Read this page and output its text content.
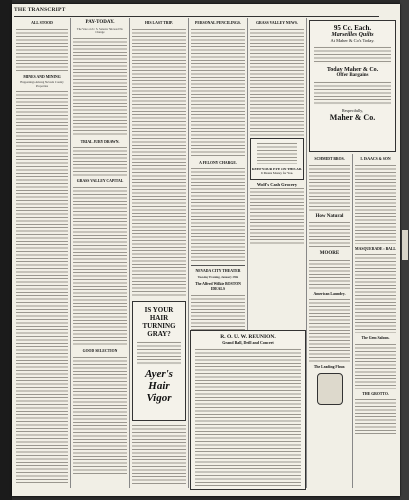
THE TRANSCRIPT
ALL STOOD
MINES AND MINING
Happenings Among Nevada County Properties
PAY-TODAY.
The Vote on U. S. Senator Showed No Change
TRIAL JURY DRAWN.
GRASS VALLEY CAPITAL
GOOD SELECTION
HIS LAST TRIP.
IS YOUR
HAIR
TURNING
GRAY?
Ayer's
Hair
Vigor
PERSONAL PENCILINGS.
A FELONY CHARGE.
NEVADA CITY THEATER
Tuesday Evening, January 29th
The Alfred Wilkie BOSTON IDEALS
R. O. U. W. REUNION.
Grand Ball, Drill and Concert
GRASS VALLEY NEWS.
KEEP YOUR EYE ON THIS AD.
It Means Money for You.
Wolf's Cash Grocery
95 Cc. Each.
Marseilles Quilts
At Maher & Co's Today.
Today Maher & Co.
Offer Bargains
Respectfully,
Maher & Co.
SCHMIDT BROS.
How Natural
MOORE
American Laundry.
The Leading Flour.
I. ISAACS & SON
MASQUERADE : BALL
The Gem Saloon.
THE GROTTO.
